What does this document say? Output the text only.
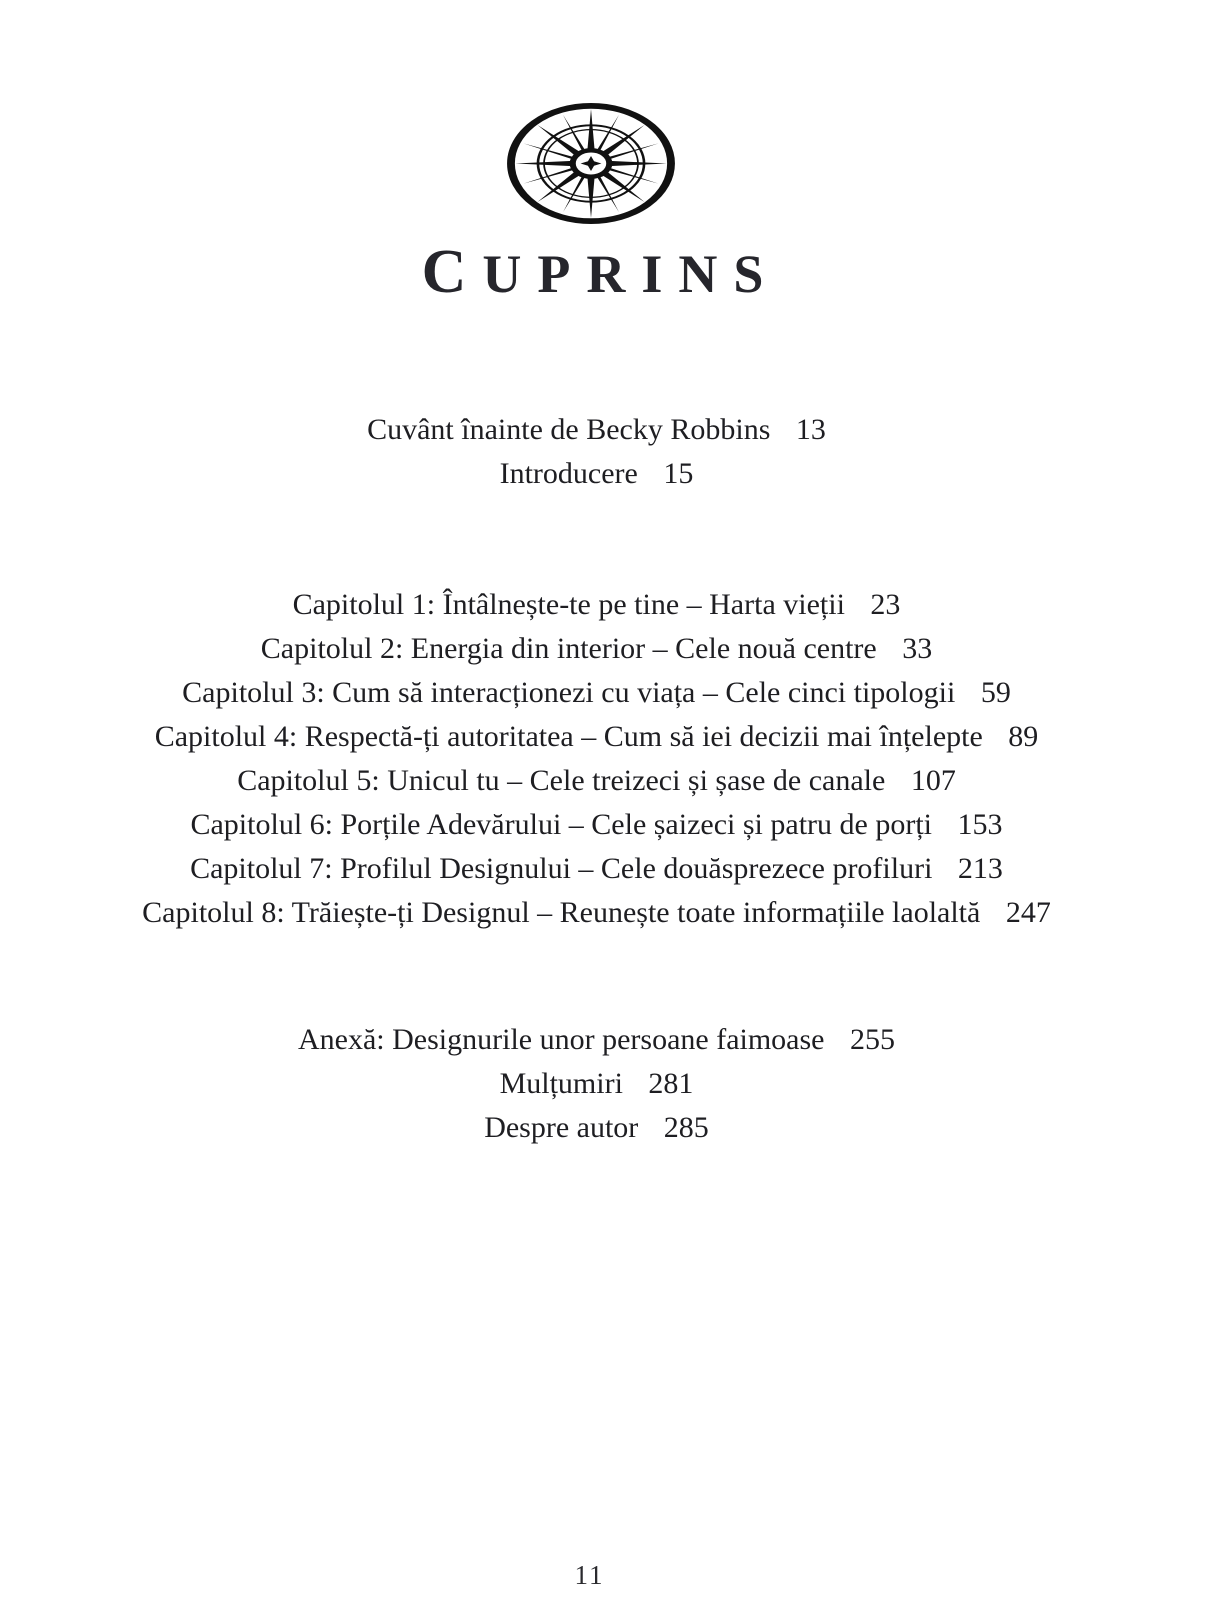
CUPRINS
Cuvânt înainte de Becky Robbins 13
Introducere 15
Capitolul 1: Întâlnește-te pe tine – Harta vieții 23
Capitolul 2: Energia din interior – Cele nouă centre 33
Capitolul 3: Cum să interacționezi cu viața – Cele cinci tipologii 59
Capitolul 4: Respectă-ți autoritatea – Cum să iei decizii mai înțelepte 89
Capitolul 5: Unicul tu – Cele treizeci și șase de canale 107
Capitolul 6: Porțile Adevărului – Cele șaizeci și patru de porți 153
Capitolul 7: Profilul Designului – Cele douăsprezece profiluri 213
Capitolul 8: Trăiește-ți Designul – Reunește toate informațiile laolaltă 247
Anexă: Designurile unor persoane faimoase 255
Mulțumiri 281
Despre autor 285
11
